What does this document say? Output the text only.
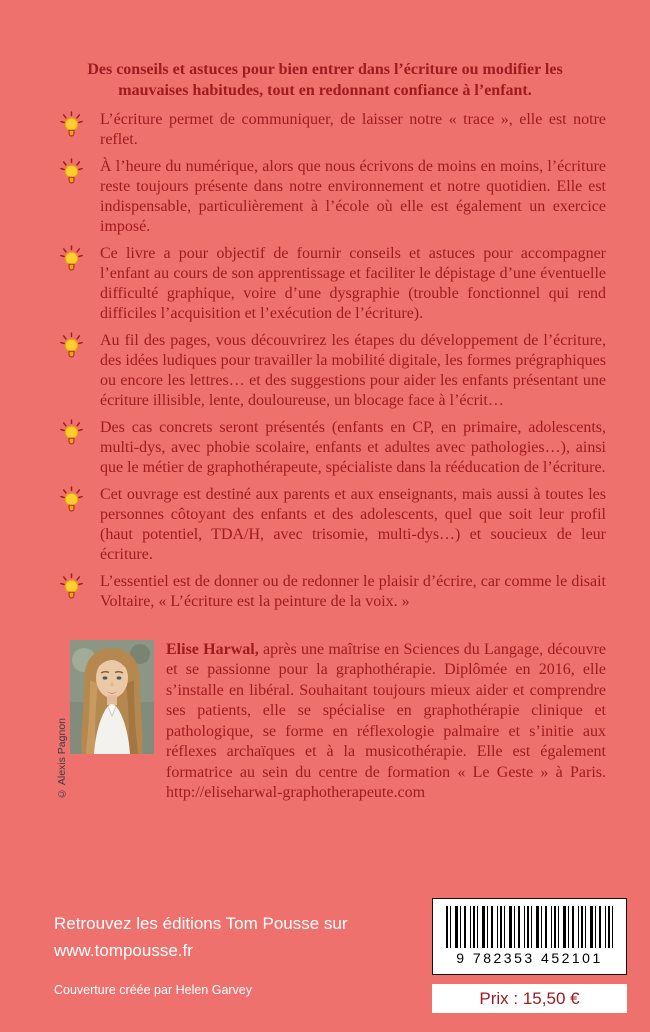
Des conseils et astuces pour bien entrer dans l’écriture ou modifier les mauvaises habitudes, tout en redonnant confiance à l’enfant.

L’écriture permet de communiquer, de laisser notre « trace », elle est notre reflet.

À l’heure du numérique, alors que nous écrivons de moins en moins, l’écriture reste toujours présente dans notre environnement et notre quotidien. Elle est indispensable, particulièrement à l’école où elle est également un exercice imposé.

Ce livre a pour objectif de fournir conseils et astuces pour accompagner l’enfant au cours de son apprentissage et faciliter le dépistage d’une éventuelle difficulté graphique, voire d’une dysgraphie (trouble fonctionnel qui rend difficiles l’acquisition et l’exécution de l’écriture).

Au fil des pages, vous découvrirez les étapes du développement de l’écriture, des idées ludiques pour travailler la mobilité digitale, les formes prégraphiques ou encore les lettres… et des suggestions pour aider les enfants présentant une écriture illisible, lente, douloureuse, un blocage face à l’écrit…

Des cas concrets seront présentés (enfants en CP, en primaire, adolescents, multi-dys, avec phobie scolaire, enfants et adultes avec pathologies…), ainsi que le métier de graphothérapeute, spécialiste dans la rééducation de l’écriture.

Cet ouvrage est destiné aux parents et aux enseignants, mais aussi à toutes les personnes côtoyant des enfants et des adolescents, quel que soit leur profil (haut potentiel, TDA/H, avec trisomie, multi-dys…) et soucieux de leur écriture.

L’essentiel est de donner ou de redonner le plaisir d’écrire, car comme le disait Voltaire, « L’écriture est la peinture de la voix. »

© Alexis Pagnon

Elise Harwal, après une maîtrise en Sciences du Langage, découvre et se passionne pour la graphothérapie. Diplômée en 2016, elle s’installe en libéral. Souhaitant toujours mieux aider et comprendre ses patients, elle se spécialise en graphothérapie clinique et pathologique, se forme en réflexologie palmaire et s’initie aux réflexes archaïques et à la musicothérapie. Elle est également formatrice au sein du centre de formation « Le Geste » à Paris. http://eliseharwal-graphotherapeute.com

Retrouvez les éditions Tom Pousse sur

www.tompousse.fr

Couverture créée par Helen Garvey

9 782353 452101

Prix : 15,50 €
